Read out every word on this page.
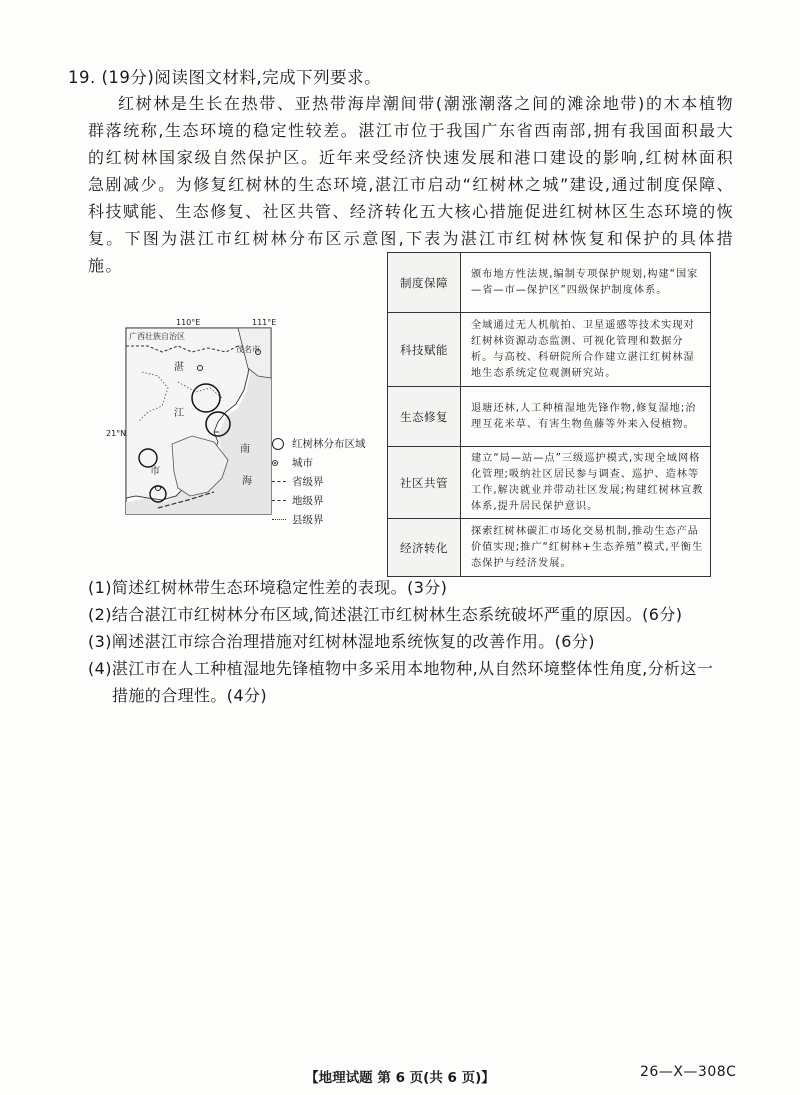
19. (19分)阅读图文材料,完成下列要求。
红树林是生长在热带、亚热带海岸潮间带(潮涨潮落之间的滩涂地带)的木本植物群落统称,生态环境的稳定性较差。湛江市位于我国广东省西南部,拥有我国面积最大的红树林国家级自然保护区。近年来受经济快速发展和港口建设的影响,红树林面积急剧减少。为修复红树林的生态环境,湛江市启动“红树林之城”建设,通过制度保障、科技赋能、生态修复、社区共管、经济转化五大核心措施促进红树林区生态环境的恢复。下图为湛江市红树林分布区示意图,下表为湛江市红树林恢复和保护的具体措施。
110°E	111°E
21°N
广西壮族自治区
茂名市
湛
江
市
南
海
红树林分布区域
城市
省级界
地级界
县级界
制度保障	颁布地方性法规,编制专项保护规划,构建“国家—省—市—保护区”四级保护制度体系。
科技赋能	全域通过无人机航拍、卫星遥感等技术实现对红树林资源动态监测、可视化管理和数据分析。与高校、科研院所合作建立湛江红树林湿地生态系统定位观测研究站。
生态修复	退塘还林,人工种植湿地先锋作物,修复湿地;治理互花米草、有害生物鱼藤等外来入侵植物。
社区共管	建立“局—站—点”三级巡护模式,实现全域网格化管理;吸纳社区居民参与调查、巡护、造林等工作,解决就业并带动社区发展;构建红树林宣教体系,提升居民保护意识。
经济转化	探索红树林碳汇市场化交易机制,推动生态产品价值实现;推广“红树林+生态养殖”模式,平衡生态保护与经济发展。

(1)简述红树林带生态环境稳定性差的表现。(3分)

(2)结合湛江市红树林分布区域,简述湛江市红树林生态系统破坏严重的原因。(6分)

(3)阐述湛江市综合治理措施对红树林湿地系统恢复的改善作用。(6分)

(4)湛江市在人工种植湿地先锋植物中多采用本地物种,从自然环境整体性角度,分析这一
措施的合理性。(4分)

【地理试题 第 6 页(共 6 页)】	26—X—308C
